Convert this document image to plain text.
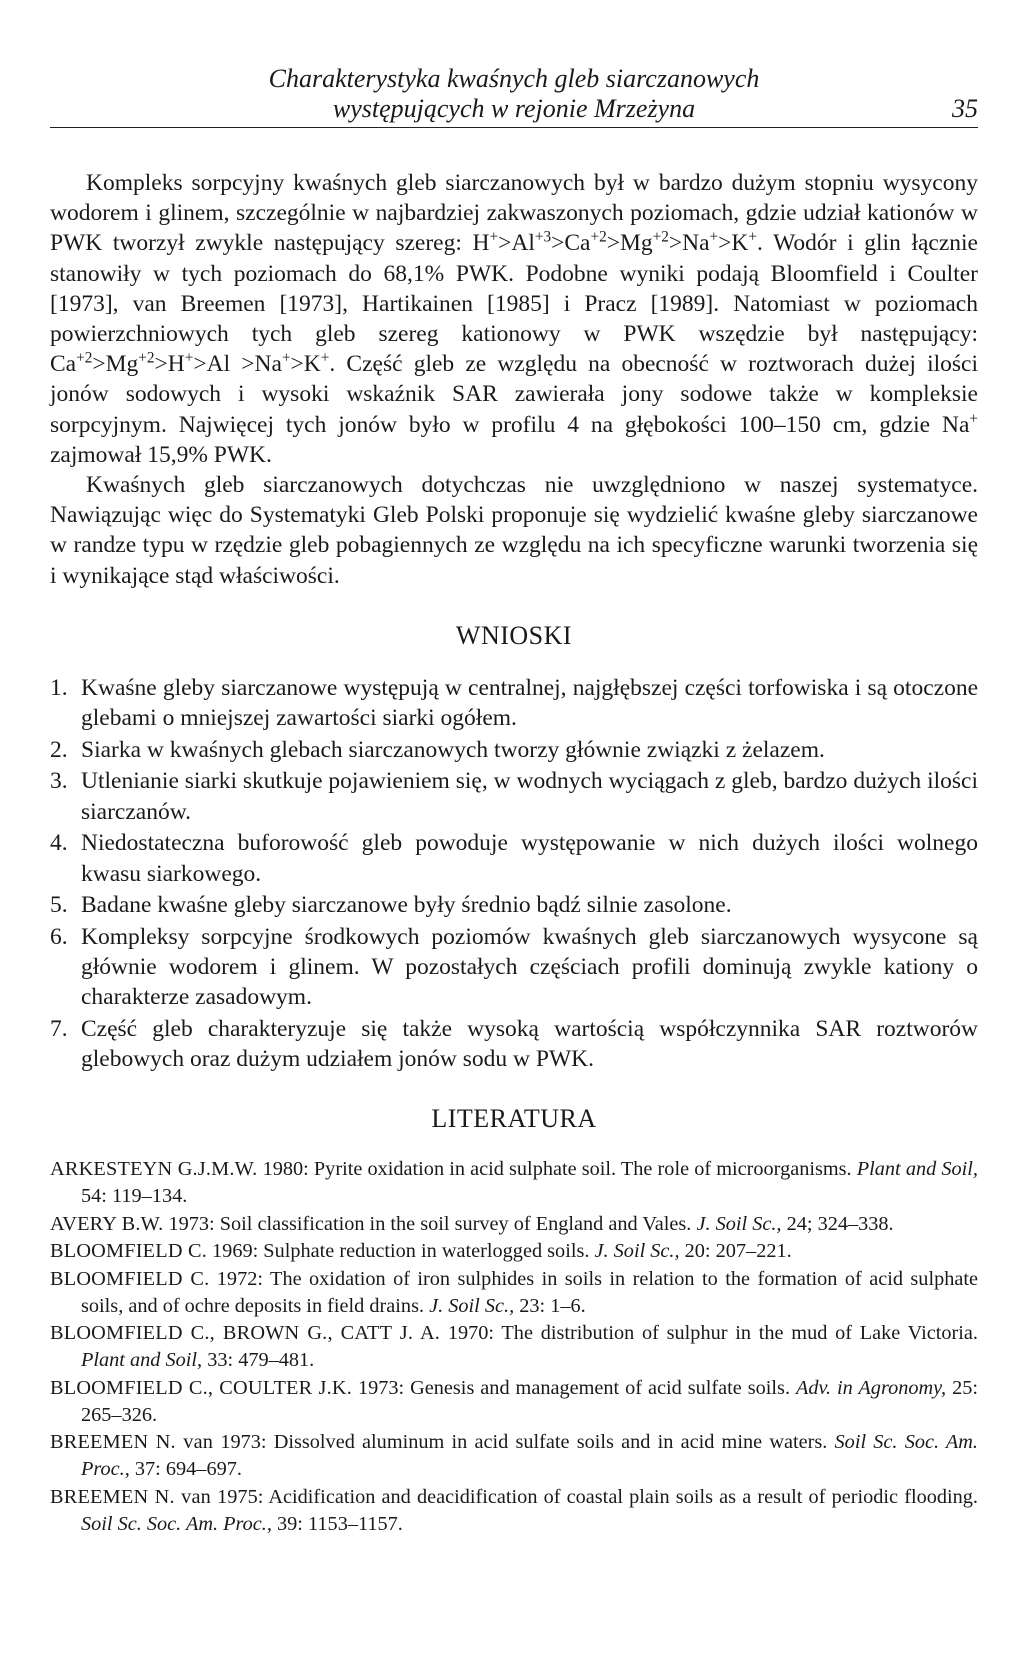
Charakterystyka kwaśnych gleb siarczanowych
występujących w rejonie Mrzeżyna	35

Kompleks sorpcyjny kwaśnych gleb siarczanowych był w bardzo dużym stopniu wysycony wodorem i glinem, szczególnie w najbardziej zakwaszonych poziomach, gdzie udział kationów w PWK tworzył zwykle następujący szereg: $H^+>Al^{+3}>Ca^{+2}>Mg^{+2}>Na^+>K^+$. Wodór i glin łącznie stanowiły w tych poziomach do 68,1% PWK. Podobne wyniki podają Bloomfield i Coulter [1973], van Breemen [1973], Hartikainen [1985] i Pracz [1989]. Natomiast w poziomach powierzchniowych tych gleb szereg kationowy w PWK wszędzie był następujący: $Ca^{+2}>Mg^{+2}>H^+>Al >Na^+>K^+$. Część gleb ze względu na obecność w roztworach dużej ilości jonów sodowych i wysoki wskaźnik SAR zawierała jony sodowe także w kompleksie sorpcyjnym. Najwięcej tych jonów było w profilu 4 na głębokości 100–150 cm, gdzie Na+ zajmował 15,9% PWK.

Kwaśnych gleb siarczanowych dotychczas nie uwzględniono w naszej systematyce. Nawiązując więc do Systematyki Gleb Polski proponuje się wydzielić kwaśne gleby siarczanowe w randze typu w rzędzie gleb pobagiennych ze względu na ich specyficzne warunki tworzenia się i wynikające stąd właściwości.

WNIOSKI
1. Kwaśne gleby siarczanowe występują w centralnej, najgłębszej części torfowiska i są otoczone glebami o mniejszej zawartości siarki ogółem.
2. Siarka w kwaśnych glebach siarczanowych tworzy głównie związki z żelazem.
3. Utlenianie siarki skutkuje pojawieniem się, w wodnych wyciągach z gleb, bardzo dużych ilości siarczanów.
4. Niedostateczna buforowość gleb powoduje występowanie w nich dużych ilości wolnego kwasu siarkowego.
5. Badane kwaśne gleby siarczanowe były średnio bądź silnie zasolone.
6. Kompleksy sorpcyjne środkowych poziomów kwaśnych gleb siarczanowych wysycone są głównie wodorem i glinem. W pozostałych częściach profili dominują zwykle kationy o charakterze zasadowym.
7. Część gleb charakteryzuje się także wysoką wartością współczynnika SAR roztworów glebowych oraz dużym udziałem jonów sodu w PWK.
LITERATURA
ARKESTEYN G.J.M.W. 1980: Pyrite oxidation in acid sulphate soil. The role of microorganisms. Plant and Soil, 54: 119–134.
AVERY B.W. 1973: Soil classification in the soil survey of England and Vales. J. Soil Sc., 24; 324–338.
BLOOMFIELD C. 1969: Sulphate reduction in waterlogged soils. J. Soil Sc., 20: 207–221.
BLOOMFIELD C. 1972: The oxidation of iron sulphides in soils in relation to the formation of acid sulphate soils, and of ochre deposits in field drains. J. Soil Sc., 23: 1–6.
BLOOMFIELD C., BROWN G., CATT J. A. 1970: The distribution of sulphur in the mud of Lake Victoria. Plant and Soil, 33: 479–481.
BLOOMFIELD C., COULTER J.K. 1973: Genesis and management of acid sulfate soils. Adv. in Agronomy, 25: 265–326.
BREEMEN N. van 1973: Dissolved aluminum in acid sulfate soils and in acid mine waters. Soil Sc. Soc. Am. Proc., 37: 694–697.
BREEMEN N. van 1975: Acidification and deacidification of coastal plain soils as a result of periodic flooding. Soil Sc. Soc. Am. Proc., 39: 1153–1157.
